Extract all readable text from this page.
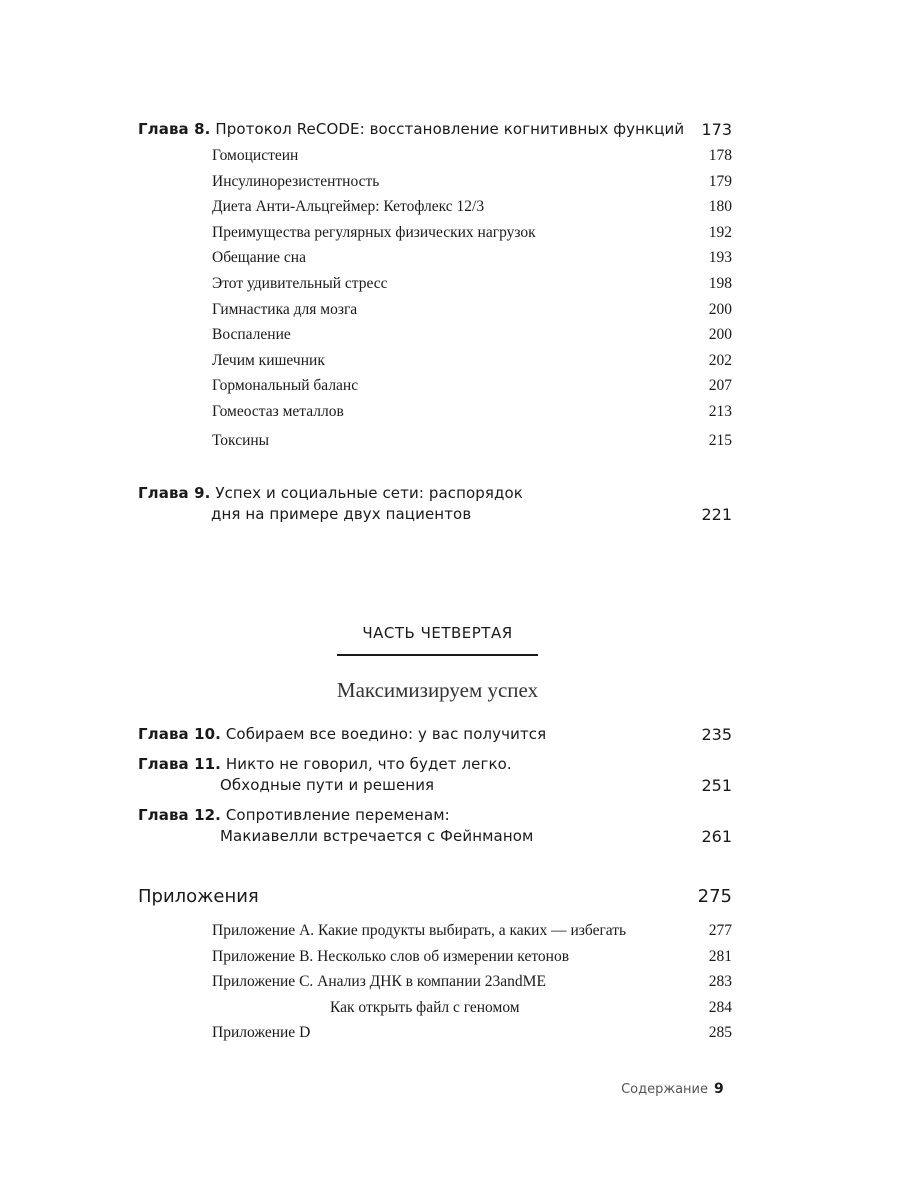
Глава 8. Протокол ReCODE: восстановление когнитивных функций	173
Гомоцистеин	178
Инсулинорезистентность	179
Диета Анти-Альцгеймер: Кетофлекс 12/3	180
Преимущества регулярных физических нагрузок	192
Обещание сна	193
Этот удивительный стресс	198
Гимнастика для мозга	200
Воспаление	200
Лечим кишечник	202
Гормональный баланс	207
Гомеостаз металлов	213
Токсины	215
Глава 9. Успех и социальные сети: распорядок
дня на примере двух пациентов	221
ЧАСТЬ ЧЕТВЕРТАЯ
Максимизируем успех
Глава 10. Собираем все воедино: у вас получится	235
Глава 11. Никто не говорил, что будет легко.
Обходные пути и решения	251
Глава 12. Сопротивление переменам:
Макиавелли встречается с Фейнманом	261
Приложения	275
Приложение A. Какие продукты выбирать, а каких — избегать	277
Приложение B. Несколько слов об измерении кетонов	281
Приложение C. Анализ ДНК в компании 23andME	283
Как открыть файл с геномом	284
Приложение D	285
Содержание 9
